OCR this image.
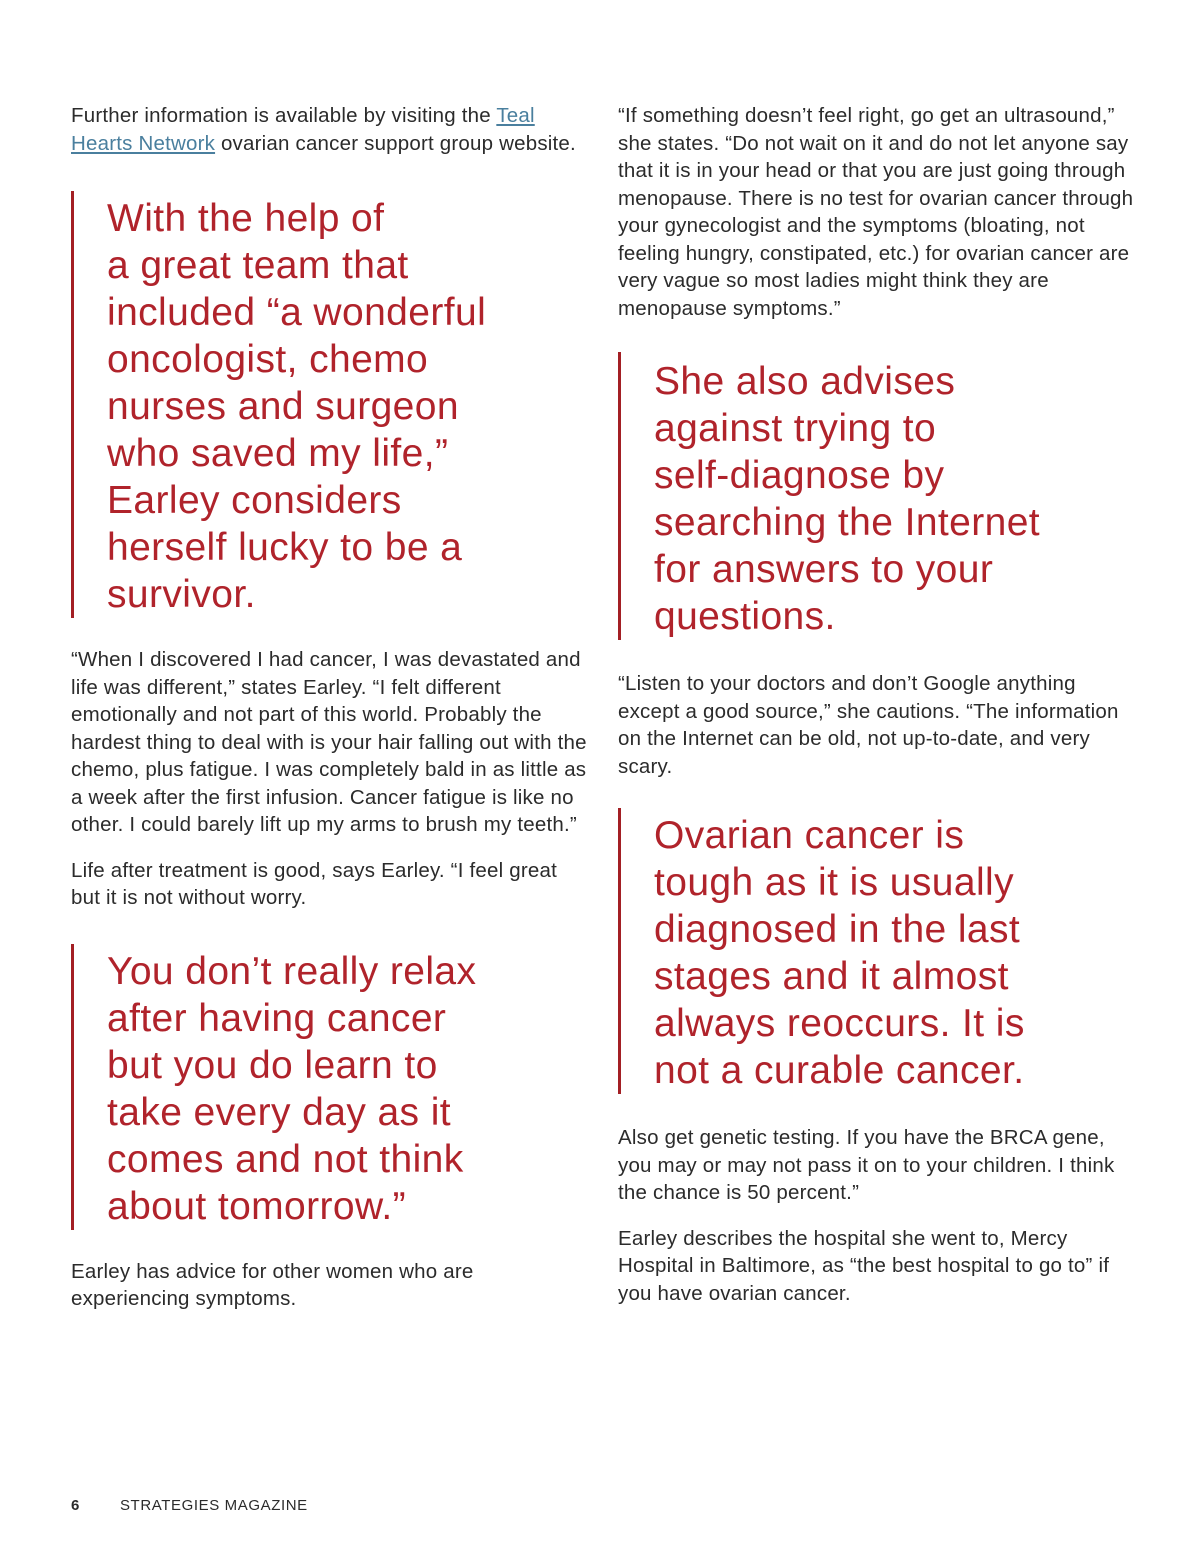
Further information is available by visiting the Teal Hearts Network ovarian cancer support group website.

With the help of
a great team that
included “a wonderful
oncologist, chemo
nurses and surgeon
who saved my life,”
Earley considers
herself lucky to be a
survivor.

“When I discovered I had cancer, I was devastated and life was different,” states Earley. “I felt different emotionally and not part of this world. Probably the hardest thing to deal with is your hair falling out with the chemo, plus fatigue. I was completely bald in as little as a week after the first infusion. Cancer fatigue is like no other. I could barely lift up my arms to brush my teeth.”

Life after treatment is good, says Earley. “I feel great but it is not without worry.

You don’t really relax
after having cancer
but you do learn to
take every day as it
comes and not think
about tomorrow.”

Earley has advice for other women who are experiencing symptoms.

“If something doesn’t feel right, go get an ultrasound,” she states. “Do not wait on it and do not let anyone say that it is in your head or that you are just going through menopause. There is no test for ovarian cancer through your gynecologist and the symptoms (bloating, not feeling hungry, constipated, etc.) for ovarian cancer are very vague so most ladies might think they are menopause symptoms.”

She also advises
against trying to
self-diagnose by
searching the Internet
for answers to your
questions.

“Listen to your doctors and don’t Google anything except a good source,” she cautions. “The information on the Internet can be old, not up-to-date, and very scary.

Ovarian cancer is
tough as it is usually
diagnosed in the last
stages and it almost
always reoccurs. It is
not a curable cancer.

Also get genetic testing. If you have the BRCA gene, you may or may not pass it on to your children. I think the chance is 50 percent.”

Earley describes the hospital she went to, Mercy Hospital in Baltimore, as “the best hospital to go to” if you have ovarian cancer.

6	STRATEGIES MAGAZINE
